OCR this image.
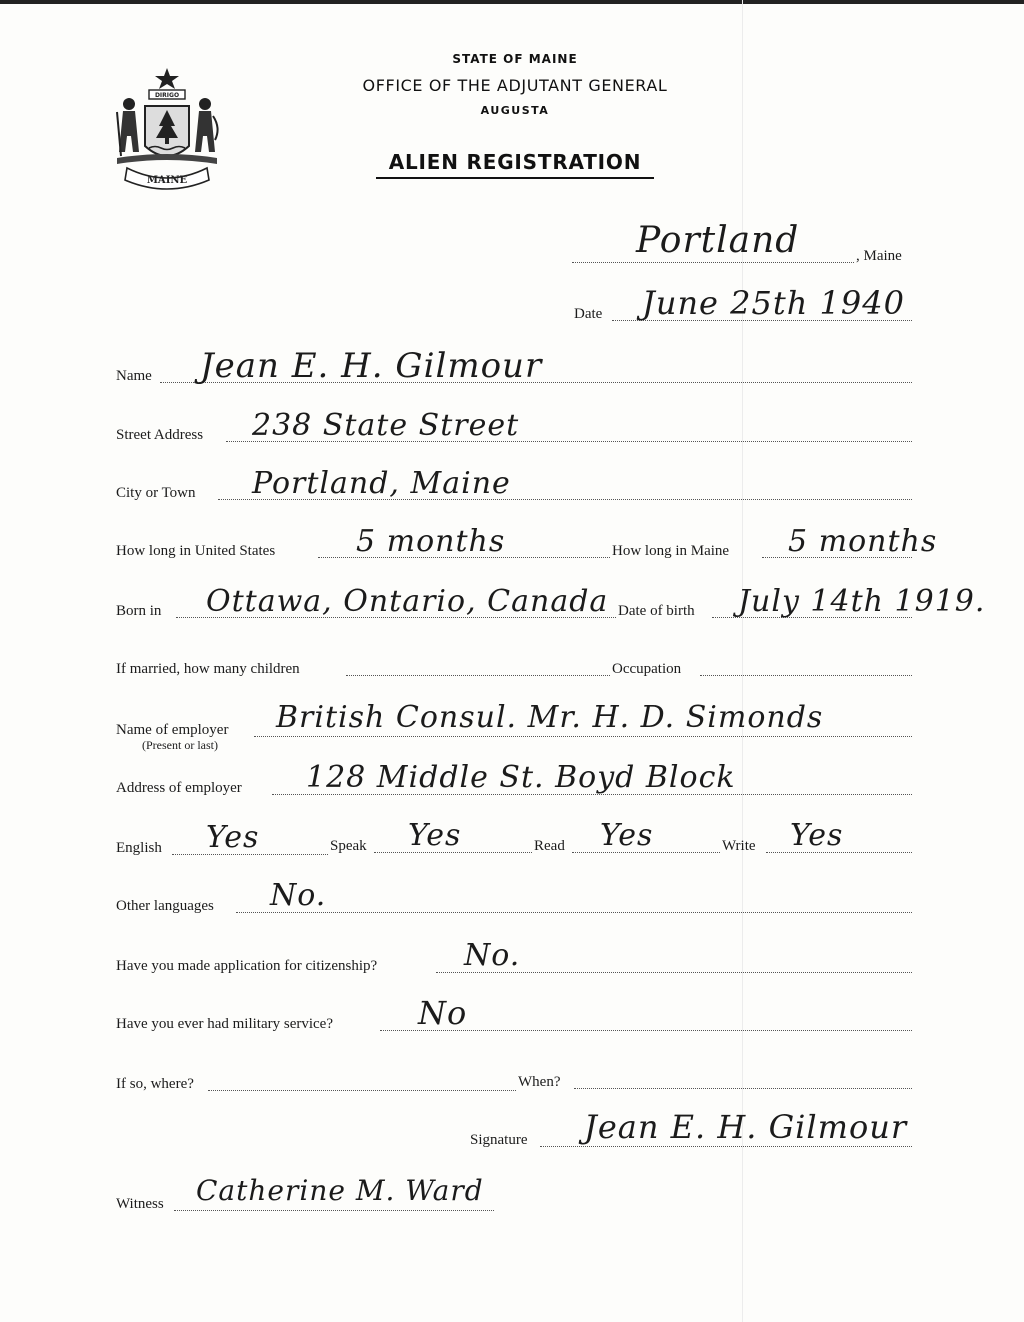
DIRIGO
MAINE
STATE OF MAINE
OFFICE OF THE ADJUTANT GENERAL
AUGUSTA
ALIEN REGISTRATION
Portland	, Maine
Date June 25th 1940
Name Jean E. H. Gilmour
Street Address 238 State Street
City or Town Portland, Maine
How long in United States	5 months	How long in Maine 5 months
Born in Ottawa, Ontario, Canada Date of birth July 14th 1919.
If married, how many children	Occupation
Name of employer
(Present or last)
British Consul. Mr. H. D. Simonds
Address of employer 128 Middle St. Boyd Block
English Yes	Speak Yes	Read Yes	Write Yes
Other languages No.
Have you made application for citizenship?	No.
Have you ever had military service?	No
If so, where?	When?
Signature Jean E. H. Gilmour
Witness Catherine M. Ward
